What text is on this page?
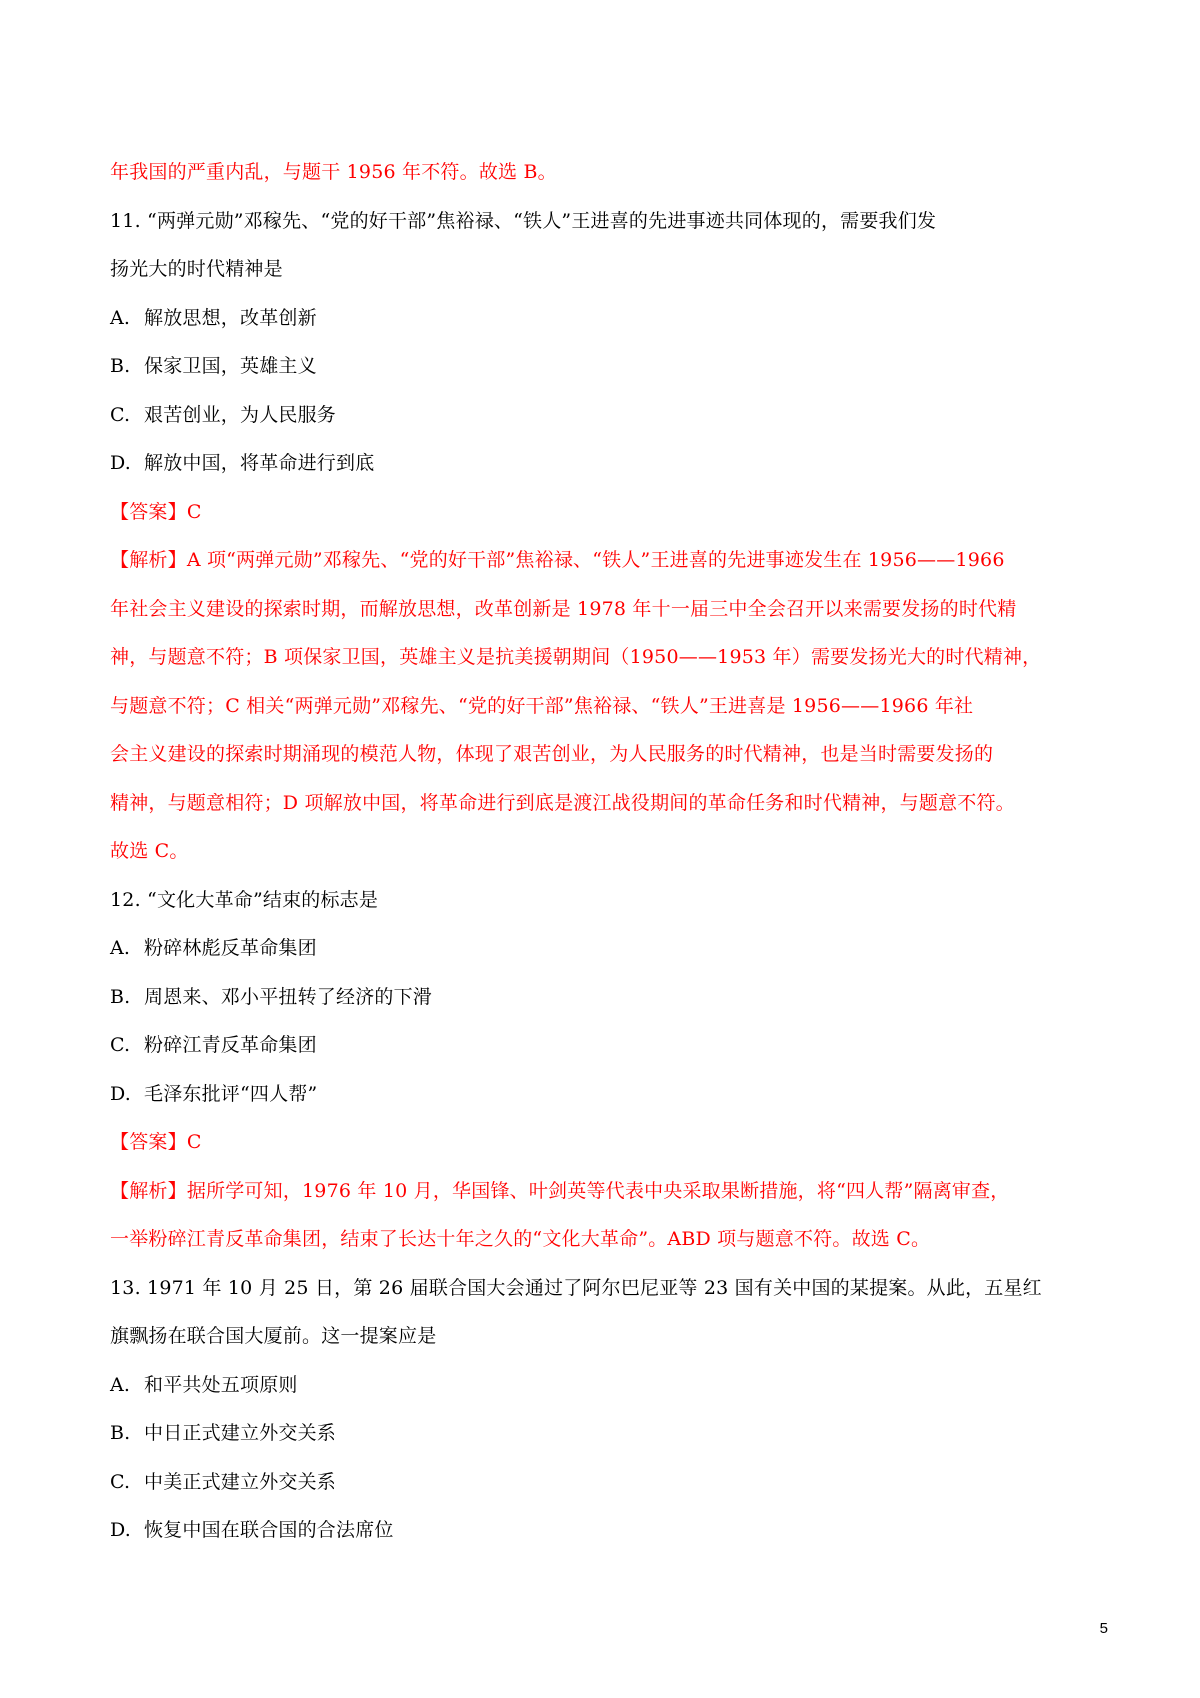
年我国的严重内乱，与题干 1956 年不符。故选 B。
11. “两弹元勋”邓稼先、“党的好干部”焦裕禄、“铁人”王进喜的先进事迹共同体现的，需要我们发
扬光大的时代精神是
A. 解放思想，改革创新
B. 保家卫国，英雄主义
C. 艰苦创业，为人民服务
D. 解放中国，将革命进行到底
【答案】C
【解析】A 项“两弹元勋”邓稼先、“党的好干部”焦裕禄、“铁人”王进喜的先进事迹发生在 1956——1966
年社会主义建设的探索时期，而解放思想，改革创新是 1978 年十一届三中全会召开以来需要发扬的时代精
神，与题意不符；B 项保家卫国，英雄主义是抗美援朝期间（1950——1953 年）需要发扬光大的时代精神，
与题意不符；C 相关“两弹元勋”邓稼先、“党的好干部”焦裕禄、“铁人”王进喜是 1956——1966 年社
会主义建设的探索时期涌现的模范人物，体现了艰苦创业，为人民服务的时代精神，也是当时需要发扬的
精神，与题意相符；D 项解放中国，将革命进行到底是渡江战役期间的革命任务和时代精神，与题意不符。
故选 C。
12. “文化大革命”结束的标志是
A. 粉碎林彪反革命集团
B. 周恩来、邓小平扭转了经济的下滑
C. 粉碎江青反革命集团
D. 毛泽东批评“四人帮”
【答案】C
【解析】据所学可知，1976 年 10 月，华国锋、叶剑英等代表中央采取果断措施，将“四人帮”隔离审查，
一举粉碎江青反革命集团，结束了长达十年之久的“文化大革命”。ABD 项与题意不符。故选 C。
13. 1971 年 10 月 25 日，第 26 届联合国大会通过了阿尔巴尼亚等 23 国有关中国的某提案。从此，五星红
旗飘扬在联合国大厦前。这一提案应是
A. 和平共处五项原则
B. 中日正式建立外交关系
C. 中美正式建立外交关系
D. 恢复中国在联合国的合法席位
5
